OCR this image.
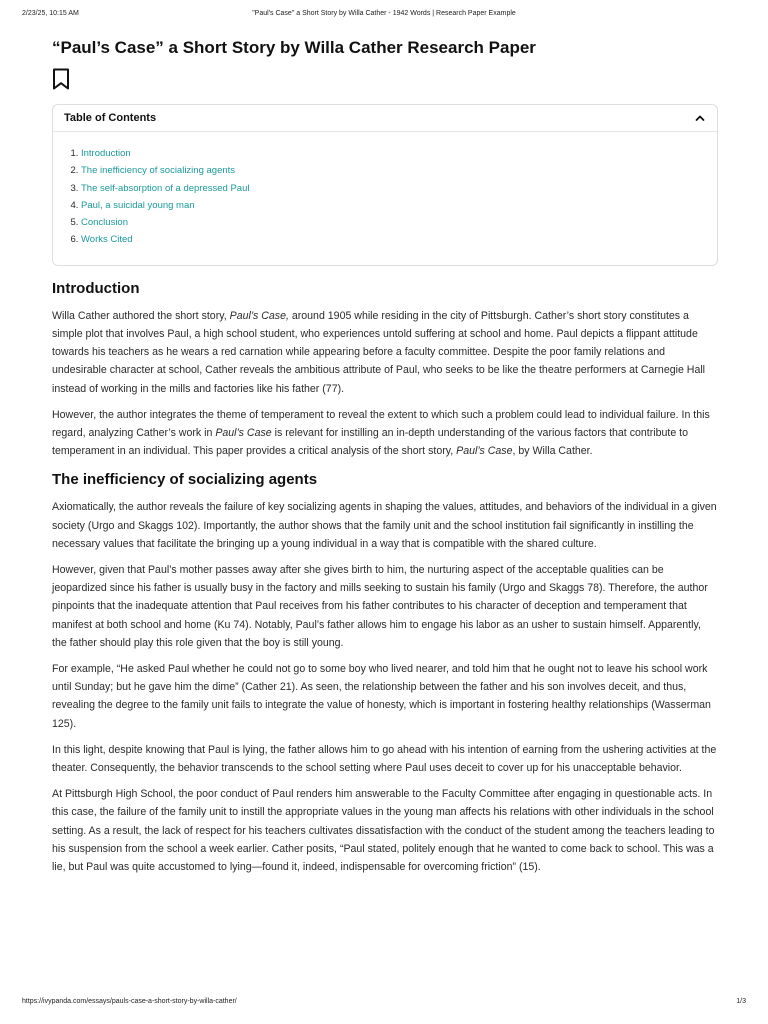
2/23/25, 10:15 AM	"Paul's Case" a Short Story by Willa Cather - 1942 Words | Research Paper Example
“Paul’s Case” a Short Story by Willa Cather Research Paper
Table of Contents
1. Introduction
2. The inefficiency of socializing agents
3. The self-absorption of a depressed Paul
4. Paul, a suicidal young man
5. Conclusion
6. Works Cited
Introduction

Willa Cather authored the short story, Paul’s Case, around 1905 while residing in the city of Pittsburgh. Cather’s short story constitutes a simple plot that involves Paul, a high school student, who experiences untold suffering at school and home. Paul depicts a flippant attitude towards his teachers as he wears a red carnation while appearing before a faculty committee. Despite the poor family relations and undesirable character at school, Cather reveals the ambitious attribute of Paul, who seeks to be like the theatre performers at Carnegie Hall instead of working in the mills and factories like his father (77).

However, the author integrates the theme of temperament to reveal the extent to which such a problem could lead to individual failure. In this regard, analyzing Cather’s work in Paul’s Case is relevant for instilling an in-depth understanding of the various factors that contribute to temperament in an individual. This paper provides a critical analysis of the short story, Paul’s Case, by Willa Cather.

The inefficiency of socializing agents

Axiomatically, the author reveals the failure of key socializing agents in shaping the values, attitudes, and behaviors of the individual in a given society (Urgo and Skaggs 102). Importantly, the author shows that the family unit and the school institution fail significantly in instilling the necessary values that facilitate the bringing up a young individual in a way that is compatible with the shared culture.

However, given that Paul’s mother passes away after she gives birth to him, the nurturing aspect of the acceptable qualities can be jeopardized since his father is usually busy in the factory and mills seeking to sustain his family (Urgo and Skaggs 78). Therefore, the author pinpoints that the inadequate attention that Paul receives from his father contributes to his character of deception and temperament that manifest at both school and home (Ku 74). Notably, Paul’s father allows him to engage his labor as an usher to sustain himself. Apparently, the father should play this role given that the boy is still young.

For example, “He asked Paul whether he could not go to some boy who lived nearer, and told him that he ought not to leave his school work until Sunday; but he gave him the dime” (Cather 21). As seen, the relationship between the father and his son involves deceit, and thus, revealing the degree to the family unit fails to integrate the value of honesty, which is important in fostering healthy relationships (Wasserman 125).

In this light, despite knowing that Paul is lying, the father allows him to go ahead with his intention of earning from the ushering activities at the theater. Consequently, the behavior transcends to the school setting where Paul uses deceit to cover up for his unacceptable behavior.

At Pittsburgh High School, the poor conduct of Paul renders him answerable to the Faculty Committee after engaging in questionable acts. In this case, the failure of the family unit to instill the appropriate values in the young man affects his relations with other individuals in the school setting. As a result, the lack of respect for his teachers cultivates dissatisfaction with the conduct of the student among the teachers leading to his suspension from the school a week earlier. Cather posits, “Paul stated, politely enough that he wanted to come back to school. This was a lie, but Paul was quite accustomed to lying—found it, indeed, indispensable for overcoming friction” (15).

https://ivypanda.com/essays/pauls-case-a-short-story-by-willa-cather/	1/3
